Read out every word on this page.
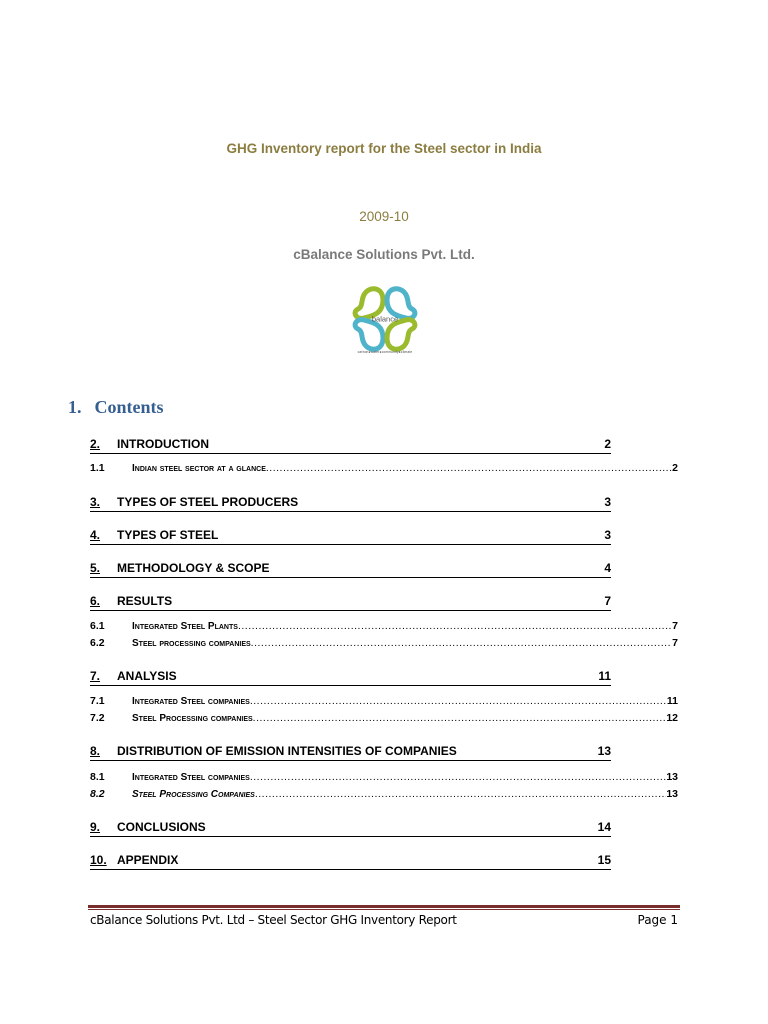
GHG Inventory report for the Steel sector in India
2009-10
cBalance Solutions Pvt. Ltd.
balance
carbon●water●community●climate
1. Contents
2. INTRODUCTION	2
1.1	Indian steel sector at a glance .....	2
3. TYPES OF STEEL PRODUCERS	3
4. TYPES OF STEEL	3
5. METHODOLOGY & SCOPE	4
6. RESULTS	7
6.1	Integrated Steel Plants .....	7
6.2	Steel processing companies .....	7
7. ANALYSIS	11
7.1	Integrated Steel companies .....	11
7.2	Steel Processing companies .....	12
8. DISTRIBUTION OF EMISSION INTENSITIES OF COMPANIES	13
8.1	Integrated Steel companies .....	13
8.2	Steel Processing Companies .....	13
9. CONCLUSIONS	14
10. APPENDIX	15
cBalance Solutions Pvt. Ltd – Steel Sector GHG Inventory Report	Page 1
